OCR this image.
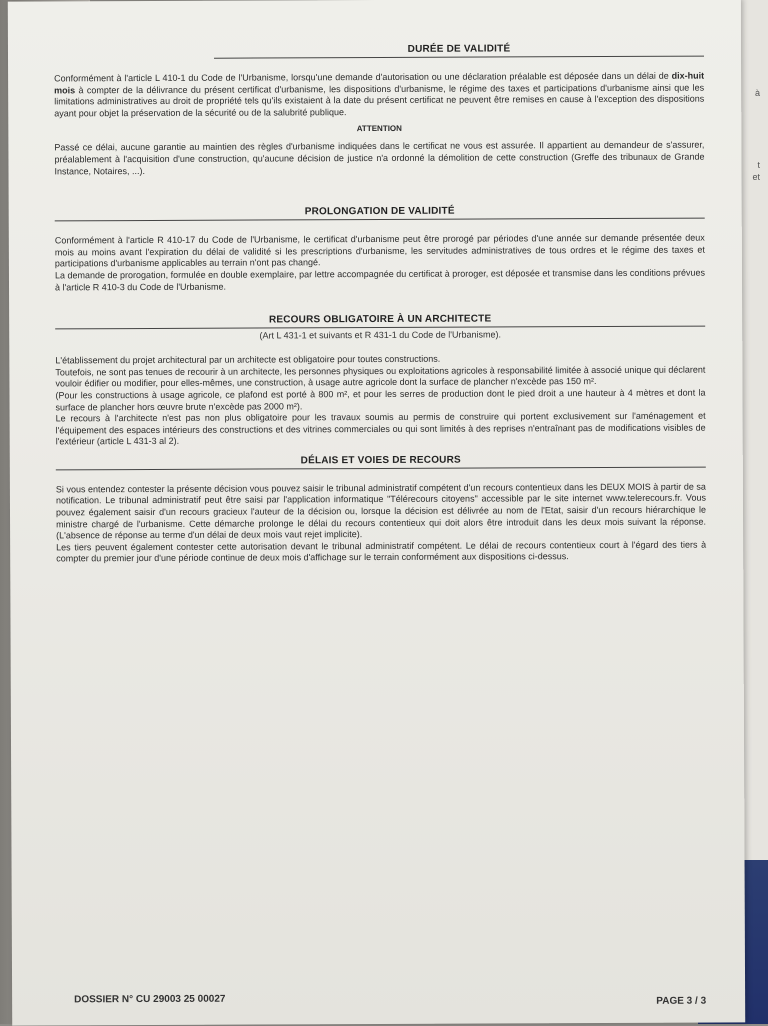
à
t
et
DURÉE DE VALIDITÉ

Conformément à l'article L 410-1 du Code de l'Urbanisme, lorsqu'une demande d'autorisation ou une déclaration préalable est déposée dans un délai de dix-huit mois à compter de la délivrance du présent certificat d'urbanisme, les dispositions d'urbanisme, le régime des taxes et participations d'urbanisme ainsi que les limitations administratives au droit de propriété tels qu'ils existaient à la date du présent certificat ne peuvent être remises en cause à l'exception des dispositions ayant pour objet la préservation de la sécurité ou de la salubrité publique.

ATTENTION

Passé ce délai, aucune garantie au maintien des règles d'urbanisme indiquées dans le certificat ne vous est assurée. Il appartient au demandeur de s'assurer, préalablement à l'acquisition d'une construction, qu'aucune décision de justice n'a ordonné la démolition de cette construction (Greffe des tribunaux de Grande Instance, Notaires, ...).

PROLONGATION DE VALIDITÉ

Conformément à l'article R 410-17 du Code de l'Urbanisme, le certificat d'urbanisme peut être prorogé par périodes d'une année sur demande présentée deux mois au moins avant l'expiration du délai de validité si les prescriptions d'urbanisme, les servitudes administratives de tous ordres et le régime des taxes et participations d'urbanisme applicables au terrain n'ont pas changé.

La demande de prorogation, formulée en double exemplaire, par lettre accompagnée du certificat à proroger, est déposée et transmise dans les conditions prévues à l'article R 410-3 du Code de l'Urbanisme.

RECOURS OBLIGATOIRE À UN ARCHITECTE

(Art L 431-1 et suivants et R 431-1 du Code de l'Urbanisme).

L'établissement du projet architectural par un architecte est obligatoire pour toutes constructions.

Toutefois, ne sont pas tenues de recourir à un architecte, les personnes physiques ou exploitations agricoles à responsabilité limitée à associé unique qui déclarent vouloir édifier ou modifier, pour elles-mêmes, une construction, à usage autre agricole dont la surface de plancher n'excède pas 150 m².

(Pour les constructions à usage agricole, ce plafond est porté à 800 m², et pour les serres de production dont le pied droit a une hauteur à 4 mètres et dont la surface de plancher hors œuvre brute n'excède pas 2000 m²).

Le recours à l'architecte n'est pas non plus obligatoire pour les travaux soumis au permis de construire qui portent exclusivement sur l'aménagement et l'équipement des espaces intérieurs des constructions et des vitrines commerciales ou qui sont limités à des reprises n'entraînant pas de modifications visibles de l'extérieur (article L 431-3 al 2).

DÉLAIS ET VOIES DE RECOURS

Si vous entendez contester la présente décision vous pouvez saisir le tribunal administratif compétent d'un recours contentieux dans les DEUX MOIS à partir de sa notification. Le tribunal administratif peut être saisi par l'application informatique "Télérecours citoyens" accessible par le site internet www.telerecours.fr. Vous pouvez également saisir d'un recours gracieux l'auteur de la décision ou, lorsque la décision est délivrée au nom de l'Etat, saisir d'un recours hiérarchique le ministre chargé de l'urbanisme. Cette démarche prolonge le délai du recours contentieux qui doit alors être introduit dans les deux mois suivant la réponse. (L'absence de réponse au terme d'un délai de deux mois vaut rejet implicite).

Les tiers peuvent également contester cette autorisation devant le tribunal administratif compétent. Le délai de recours contentieux court à l'égard des tiers à compter du premier jour d'une période continue de deux mois d'affichage sur le terrain conformément aux dispositions ci-dessus.

DOSSIER N° CU 29003 25 00027	PAGE 3 / 3
